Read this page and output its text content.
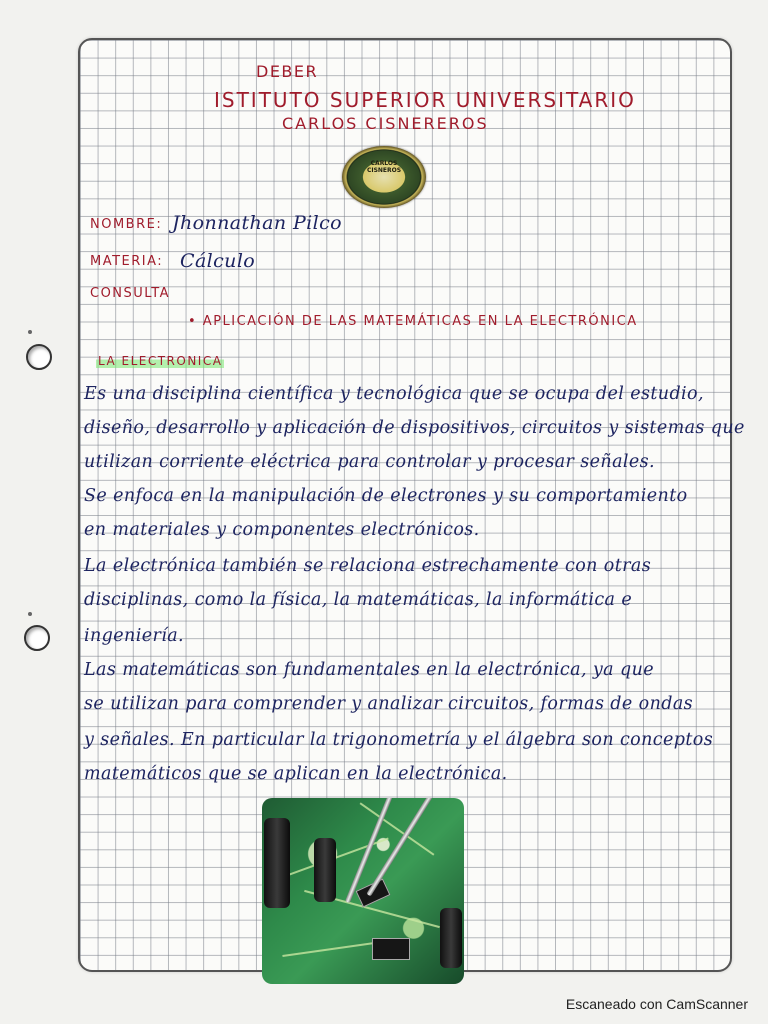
DEBER
ISTITUTO SUPERIOR UNIVERSITARIO
CARLOS CISNEREROS
CARLOS CISNEROS
NOMBRE: Jhonnathan Pilco
MATERIA: Cálculo
CONSULTA
• APLICACIÓN DE LAS MATEMÁTICAS EN LA ELECTRÓNICA
LA ELECTRONICA
Es una disciplina científica y tecnológica que se ocupa del estudio,
diseño, desarrollo y aplicación de dispositivos, circuitos y sistemas que
utilizan corriente eléctrica para controlar y procesar señales.
Se enfoca en la manipulación de electrones y su comportamiento
en materiales y componentes electrónicos.
La electrónica también se relaciona estrechamente con otras
disciplinas, como la física, la matemáticas, la informática e
ingeniería.
Las matemáticas son fundamentales en la electrónica, ya que
se utilizan para comprender y analizar circuitos, formas de ondas
y señales. En particular la trigonometría y el álgebra son conceptos
matemáticos que se aplican en la electrónica.
Escaneado con CamScanner
